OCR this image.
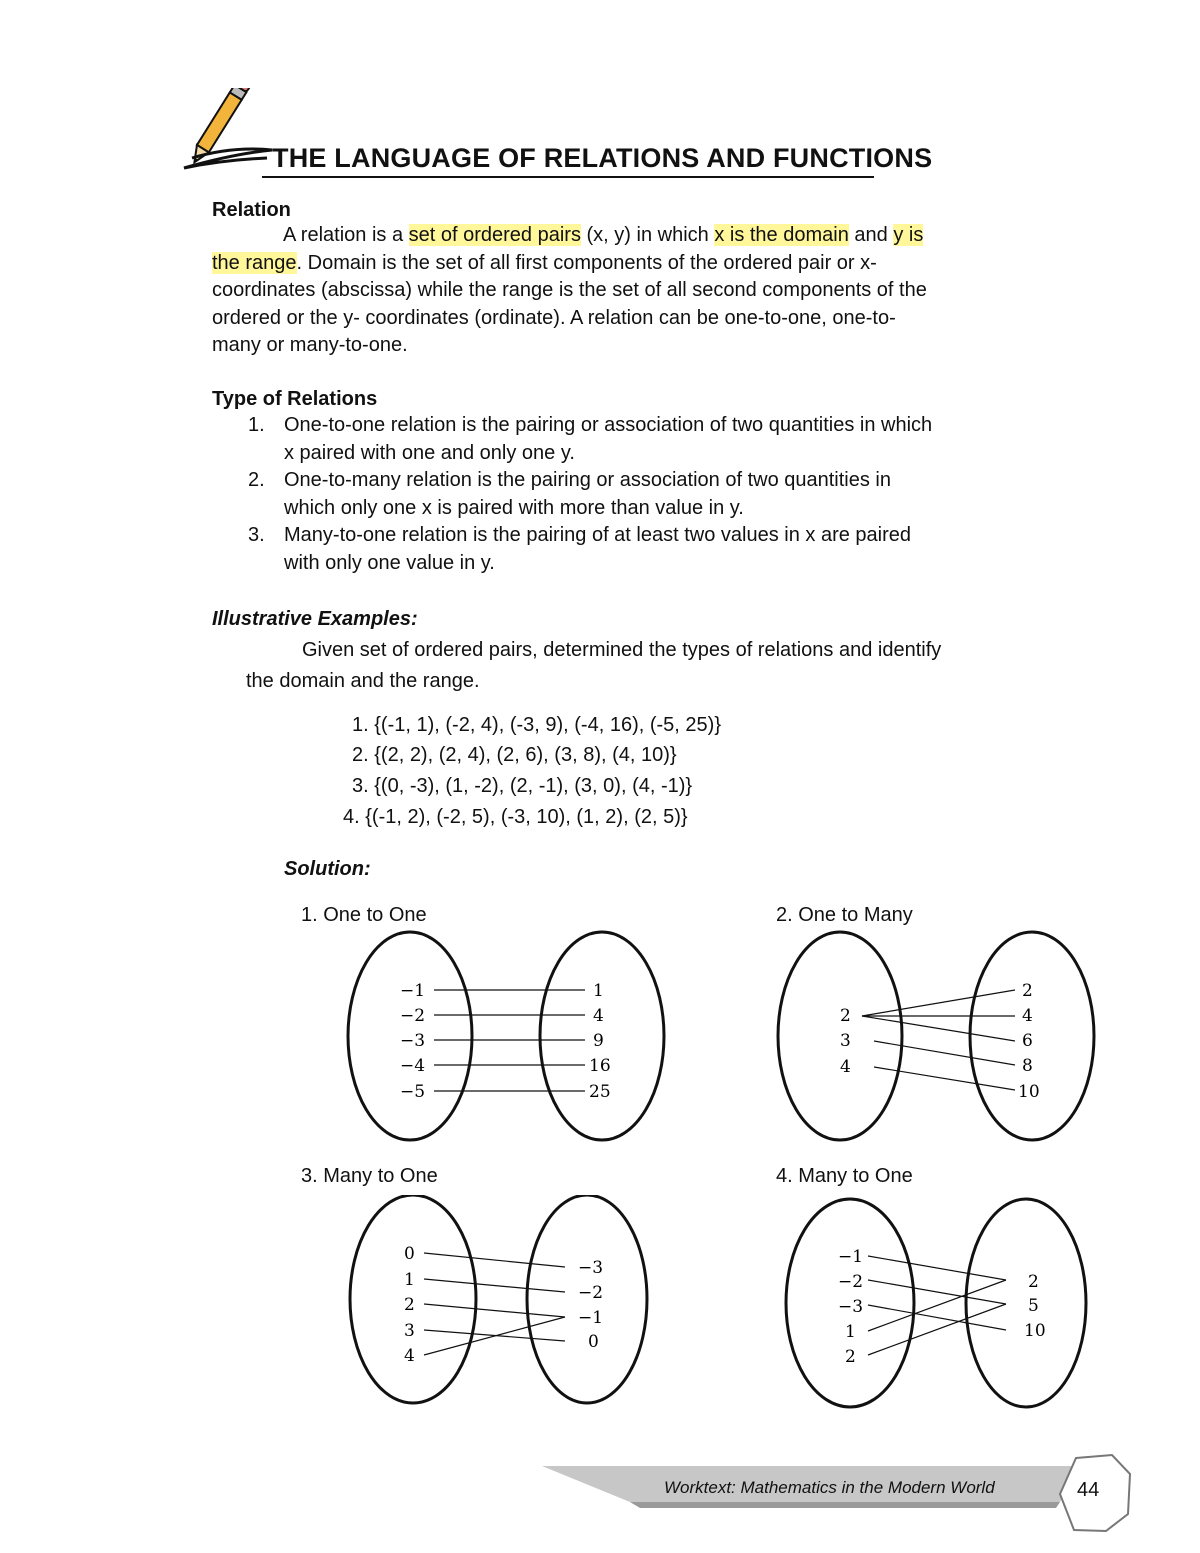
THE LANGUAGE OF RELATIONS AND FUNCTIONS
Relation
A relation is a set of ordered pairs (x, y) in which x is the domain and y is
the range. Domain is the set of all first components of the ordered pair or x-
coordinates (abscissa) while the range is the set of all second components of the
ordered or the y- coordinates (ordinate). A relation can be one-to-one, one-to-
many or many-to-one.
Type of Relations
1. One-to-one relation is the pairing or association of two quantities in which
x paired with one and only one y.
2. One-to-many relation is the pairing or association of two quantities in
which only one x is paired with more than value in y.
3. Many-to-one relation is the pairing of at least two values in x are paired
with only one value in y.
Illustrative Examples:
Given set of ordered pairs, determined the types of relations and identify
the domain and the range.
1. {(-1, 1), (-2, 4), (-3, 9), (-4, 16), (-5, 25)}
2. {(2, 2), (2, 4), (2, 6), (3, 8), (4, 10)}
3. {(0, -3), (1, -2), (2, -1), (3, 0), (4, -1)}
4. {(-1, 2), (-2, 5), (-3, 10), (1, 2), (2, 5)}
Solution:
1. One to One	2. One to Many
3. Many to One	4. Many to One
−1
−2
−3
−4
−5
1
4
9
16
25
2
3
4
2
4
6
8
10
0
1
2
3
4
−3
−2
−1
0
−1
−2
−3
1
2
2
5
10
Worktext: Mathematics in the Modern World	44
